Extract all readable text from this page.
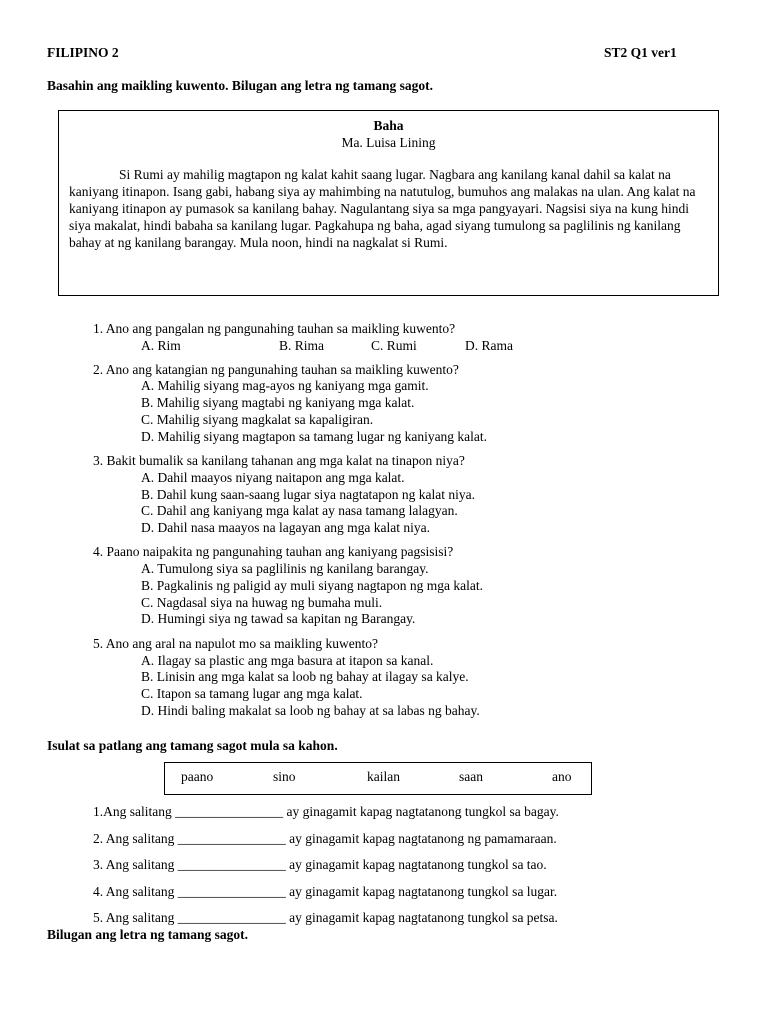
FILIPINO 2	ST2 Q1 ver1
Basahin ang maikling kuwento. Bilugan ang letra ng tamang sagot.
Baha
Ma. Luisa Lining

Si Rumi ay mahilig magtapon ng kalat kahit saang lugar. Nagbara ang kanilang kanal dahil sa kalat na kaniyang itinapon. Isang gabi, habang siya ay mahimbing na natutulog, bumuhos ang malakas na ulan. Ang kalat na kaniyang itinapon ay pumasok sa kanilang bahay. Nagulantang siya sa mga pangyayari. Nagsisi siya na kung hindi siya makalat, hindi babaha sa kanilang lugar. Pagkahupa ng baha, agad siyang tumulong sa paglilinis ng kanilang bahay at ng kanilang barangay. Mula noon, hindi na nagkalat si Rumi.

1. Ano ang pangalan ng pangunahing tauhan sa maikling kuwento?
A. Rim	B. Rima	C. Rumi	D. Rama
2. Ano ang katangian ng pangunahing tauhan sa maikling kuwento?
A. Mahilig siyang mag-ayos ng kaniyang mga gamit.
B. Mahilig siyang magtabi ng kaniyang mga kalat.
C. Mahilig siyang magkalat sa kapaligiran.
D. Mahilig siyang magtapon sa tamang lugar ng kaniyang kalat.
3. Bakit bumalik sa kanilang tahanan ang mga kalat na tinapon niya?
A. Dahil maayos niyang naitapon ang mga kalat.
B. Dahil kung saan-saang lugar siya nagtatapon ng kalat niya.
C. Dahil ang kaniyang mga kalat ay nasa tamang lalagyan.
D. Dahil nasa maayos na lagayan ang mga kalat niya.
4. Paano naipakita ng pangunahing tauhan ang kaniyang pagsisisi?
A. Tumulong siya sa paglilinis ng kanilang barangay.
B. Pagkalinis ng paligid ay muli siyang nagtapon ng mga kalat.
C. Nagdasal siya na huwag ng bumaha muli.
D. Humingi siya ng tawad sa kapitan ng Barangay.
5. Ano ang aral na napulot mo sa maikling kuwento?
A. Ilagay sa plastic ang mga basura at itapon sa kanal.
B. Linisin ang mga kalat sa loob ng bahay at ilagay sa kalye.
C. Itapon sa tamang lugar ang mga kalat.
D. Hindi baling makalat sa loob ng bahay at sa labas ng bahay.
Isulat sa patlang ang tamang sagot mula sa kahon.
paano	sino	kailan	saan	ano
1.Ang salitang ________________ ay ginagamit kapag nagtatanong tungkol sa bagay.
2. Ang salitang ________________ ay ginagamit kapag nagtatanong ng pamamaraan.
3. Ang salitang ________________ ay ginagamit kapag nagtatanong tungkol sa tao.
4. Ang salitang ________________ ay ginagamit kapag nagtatanong tungkol sa lugar.
5. Ang salitang ________________ ay ginagamit kapag nagtatanong tungkol sa petsa.
Bilugan ang letra ng tamang sagot.
